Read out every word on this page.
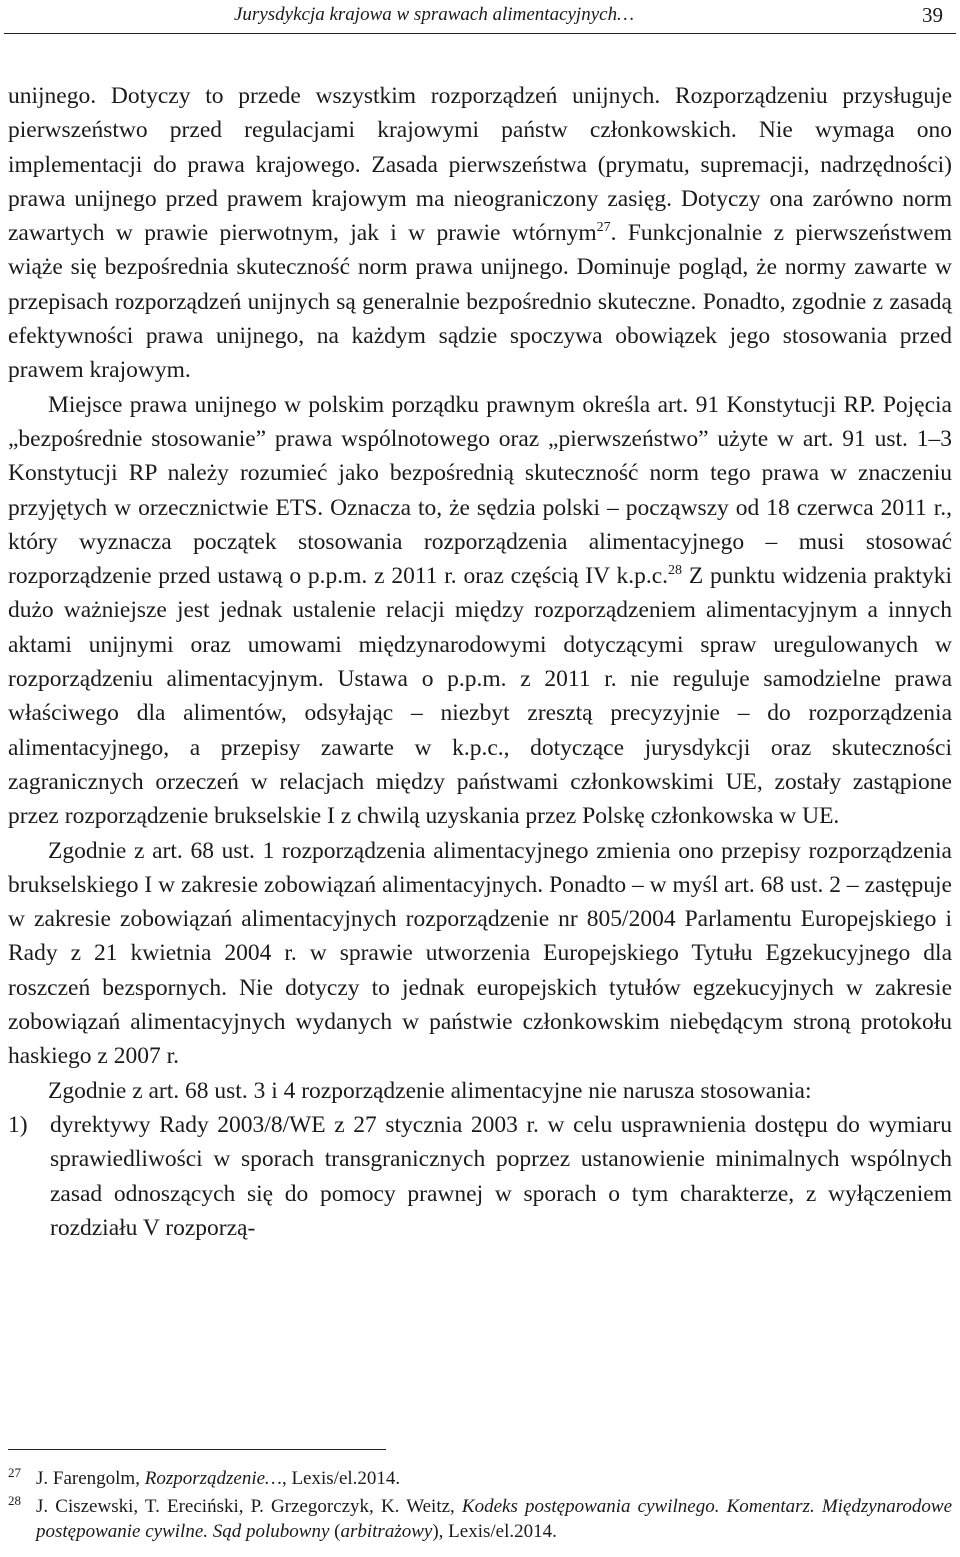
Jurysdykcja krajowa w sprawach alimentacyjnych…	39

unijnego. Dotyczy to przede wszystkim rozporządzeń unijnych. Rozporządzeniu przysługuje pierwszeństwo przed regulacjami krajowymi państw członkowskich. Nie wymaga ono implementacji do prawa krajowego. Zasada pierwszeństwa (prymatu, supremacji, nadrzędności) prawa unijnego przed prawem krajowym ma nieograniczony zasięg. Dotyczy ona zarówno norm zawartych w prawie pierwotnym, jak i w prawie wtórnym$^{27}$. Funkcjonalnie z pierwszeństwem wiąże się bezpośrednia skuteczność norm prawa unijnego. Dominuje pogląd, że normy zawarte w przepisach rozporządzeń unijnych są generalnie bezpośrednio skuteczne. Ponadto, zgodnie z zasadą efektywności prawa unijnego, na każdym sądzie spoczywa obowiązek jego stosowania przed prawem krajowym.

Miejsce prawa unijnego w polskim porządku prawnym określa art. 91 Konstytucji RP. Pojęcia „bezpośrednie stosowanie” prawa wspólnotowego oraz „pierwszeństwo” użyte w art. 91 ust. 1–3 Konstytucji RP należy rozumieć jako bezpośrednią skuteczność norm tego prawa w znaczeniu przyjętych w orzecznictwie ETS. Oznacza to, że sędzia polski – począwszy od 18 czerwca 2011 r., który wyznacza początek stosowania rozporządzenia alimentacyjnego – musi stosować rozporządzenie przed ustawą o p.p.m. z 2011 r. oraz częścią IV k.p.c.$^{28}$ Z punktu widzenia praktyki dużo ważniejsze jest jednak ustalenie relacji między rozporządzeniem alimentacyjnym a innych aktami unijnymi oraz umowami międzynarodowymi dotyczącymi spraw uregulowanych w rozporządzeniu alimentacyjnym. Ustawa o p.p.m. z 2011 r. nie reguluje samodzielne prawa właściwego dla alimentów, odsyłając – niezbyt zresztą precyzyjnie – do rozporządzenia alimentacyjnego, a przepisy zawarte w k.p.c., dotyczące jurysdykcji oraz skuteczności zagranicznych orzeczeń w relacjach między państwami członkowskimi UE, zostały zastąpione przez rozporządzenie brukselskie I z chwilą uzyskania przez Polskę członkowska w UE.

Zgodnie z art. 68 ust. 1 rozporządzenia alimentacyjnego zmienia ono przepisy rozporządzenia brukselskiego I w zakresie zobowiązań alimentacyjnych. Ponadto – w myśl art. 68 ust. 2 – zastępuje w zakresie zobowiązań alimentacyjnych rozporządzenie nr 805/2004 Parlamentu Europejskiego i Rady z 21 kwietnia 2004 r. w sprawie utworzenia Europejskiego Tytułu Egzekucyjnego dla roszczeń bezspornych. Nie dotyczy to jednak europejskich tytułów egzekucyjnych w zakresie zobowiązań alimentacyjnych wydanych w państwie członkowskim niebędącym stroną protokołu haskiego z 2007 r.

Zgodnie z art. 68 ust. 3 i 4 rozporządzenie alimentacyjne nie narusza stosowania:

1) dyrektywy Rady 2003/8/WE z 27 stycznia 2003 r. w celu usprawnienia dostępu do wymiaru sprawiedliwości w sporach transgranicznych poprzez ustanowienie minimalnych wspólnych zasad odnoszących się do pomocy prawnej w sporach o tym charakterze, z wyłączeniem rozdziału V rozporzą-
27 J. Farengolm, Rozporządzenie…, Lexis/el.2014.
28 J. Ciszewski, T. Ereciński, P. Grzegorczyk, K. Weitz, Kodeks postępowania cywilnego. Komentarz. Międzynarodowe postępowanie cywilne. Sąd polubowny (arbitrażowy), Lexis/el.2014.
